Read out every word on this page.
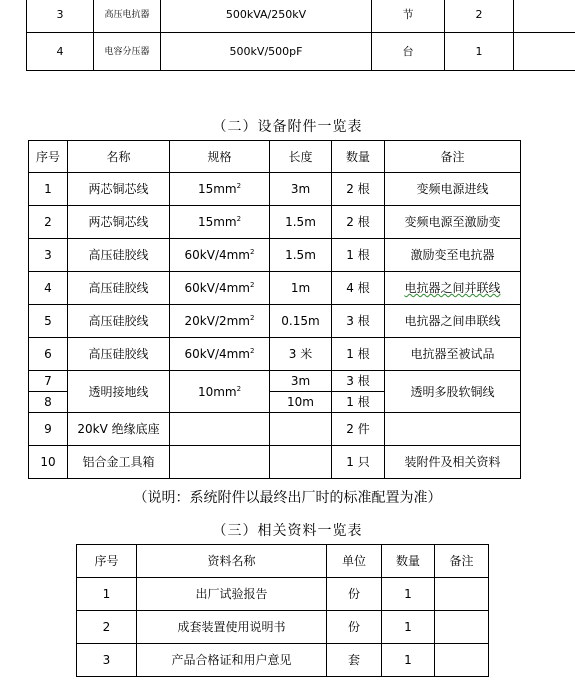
3	高压电抗器	500kVA/250kV	节	2	
4	电容分压器	500kV/500pF	台	1	
（二）设备附件一览表
序号	名称	规格	长度	数量	备注
1	两芯铜芯线	$15mm^2$	3m	2 根	变频电源进线
2	两芯铜芯线	$15mm^2$	1.5m	2 根	变频电源至激励变
3	高压硅胶线	$60kV/4mm^2$	1.5m	1 根	激励变至电抗器
4	高压硅胶线	$60kV/4mm^2$	1m	4 根	电抗器之间并联线
5	高压硅胶线	$20kV/2mm^2$	0.15m	3 根	电抗器之间串联线
6	高压硅胶线	$60kV/4mm^2$	3 米	1 根	电抗器至被试品
7	透明接地线	$10mm^2$	3m	3 根	透明多股软铜线
8			10m	1 根	
9	20kV 绝缘底座			2 件	
10	铝合金工具箱			1 只	装附件及相关资料
（说明：系统附件以最终出厂时的标准配置为准）
（三）相关资料一览表
序号	资料名称	单位	数量	备注
1	出厂试验报告	份	1	
2	成套装置使用说明书	份	1	
3	产品合格证和用户意见	套	1	
